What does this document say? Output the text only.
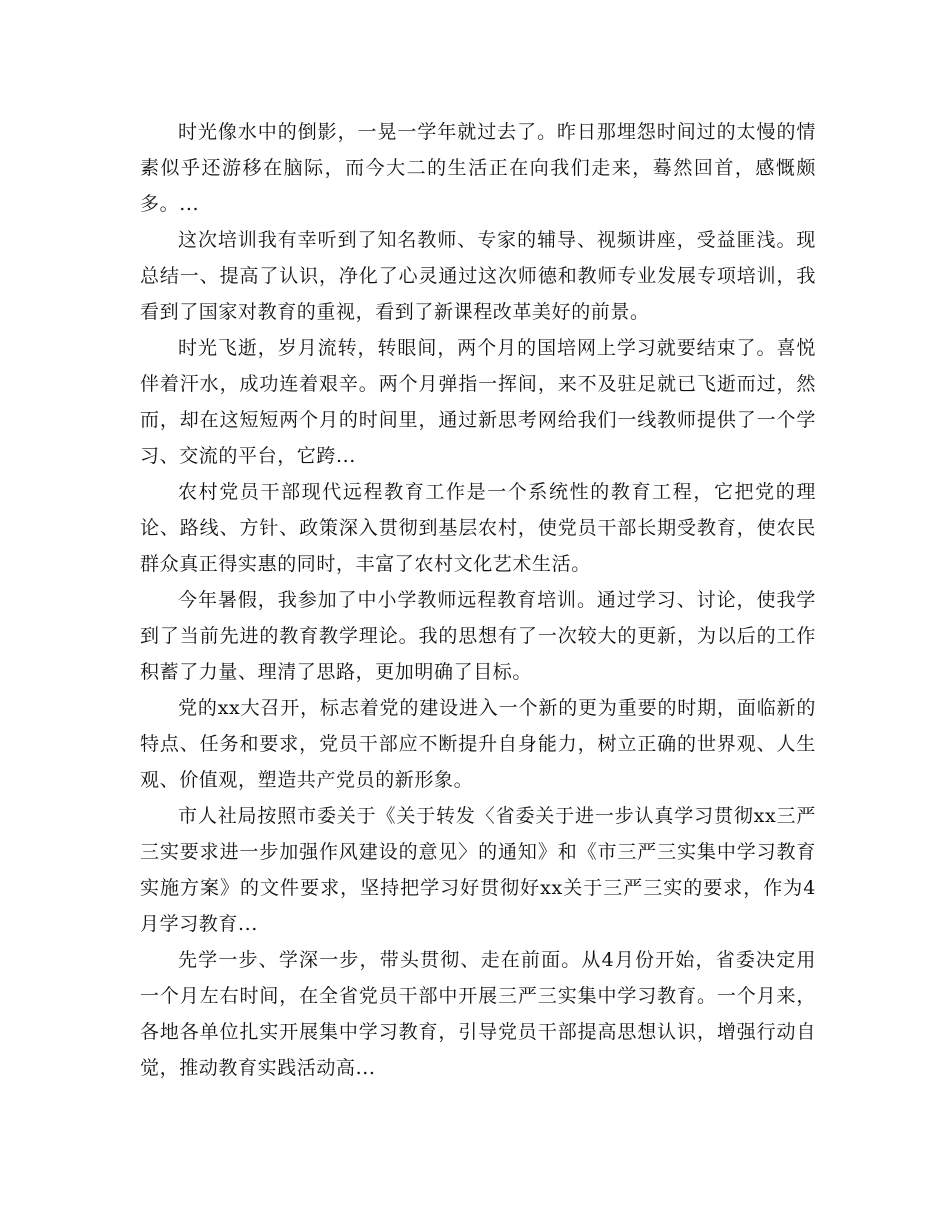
时光像水中的倒影，一晃一学年就过去了。昨日那埋怨时间过的太慢的情素似乎还游移在脑际，而今大二的生活正在向我们走来，蓦然回首，感慨颇多。...

这次培训我有幸听到了知名教师、专家的辅导、视频讲座，受益匪浅。现总结一、提高了认识，净化了心灵通过这次师德和教师专业发展专项培训，我看到了国家对教育的重视，看到了新课程改革美好的前景。

时光飞逝，岁月流转，转眼间，两个月的国培网上学习就要结束了。喜悦伴着汗水，成功连着艰辛。两个月弹指一挥间，来不及驻足就已飞逝而过，然而，却在这短短两个月的时间里，通过新思考网给我们一线教师提供了一个学习、交流的平台，它跨...

农村党员干部现代远程教育工作是一个系统性的教育工程，它把党的理论、路线、方针、政策深入贯彻到基层农村，使党员干部长期受教育，使农民群众真正得实惠的同时，丰富了农村文化艺术生活。

今年暑假，我参加了中小学教师远程教育培训。通过学习、讨论，使我学到了当前先进的教育教学理论。我的思想有了一次较大的更新，为以后的工作积蓄了力量、理清了思路，更加明确了目标。

党的xx大召开，标志着党的建设进入一个新的更为重要的时期，面临新的特点、任务和要求，党员干部应不断提升自身能力，树立正确的世界观、人生观、价值观，塑造共产党员的新形象。

市人社局按照市委关于《关于转发〈省委关于进一步认真学习贯彻xx三严三实要求进一步加强作风建设的意见〉的通知》和《市三严三实集中学习教育实施方案》的文件要求，坚持把学习好贯彻好xx关于三严三实的要求，作为4月学习教育...

先学一步、学深一步，带头贯彻、走在前面。从4月份开始，省委决定用一个月左右时间，在全省党员干部中开展三严三实集中学习教育。一个月来，各地各单位扎实开展集中学习教育，引导党员干部提高思想认识，增强行动自觉，推动教育实践活动高...
